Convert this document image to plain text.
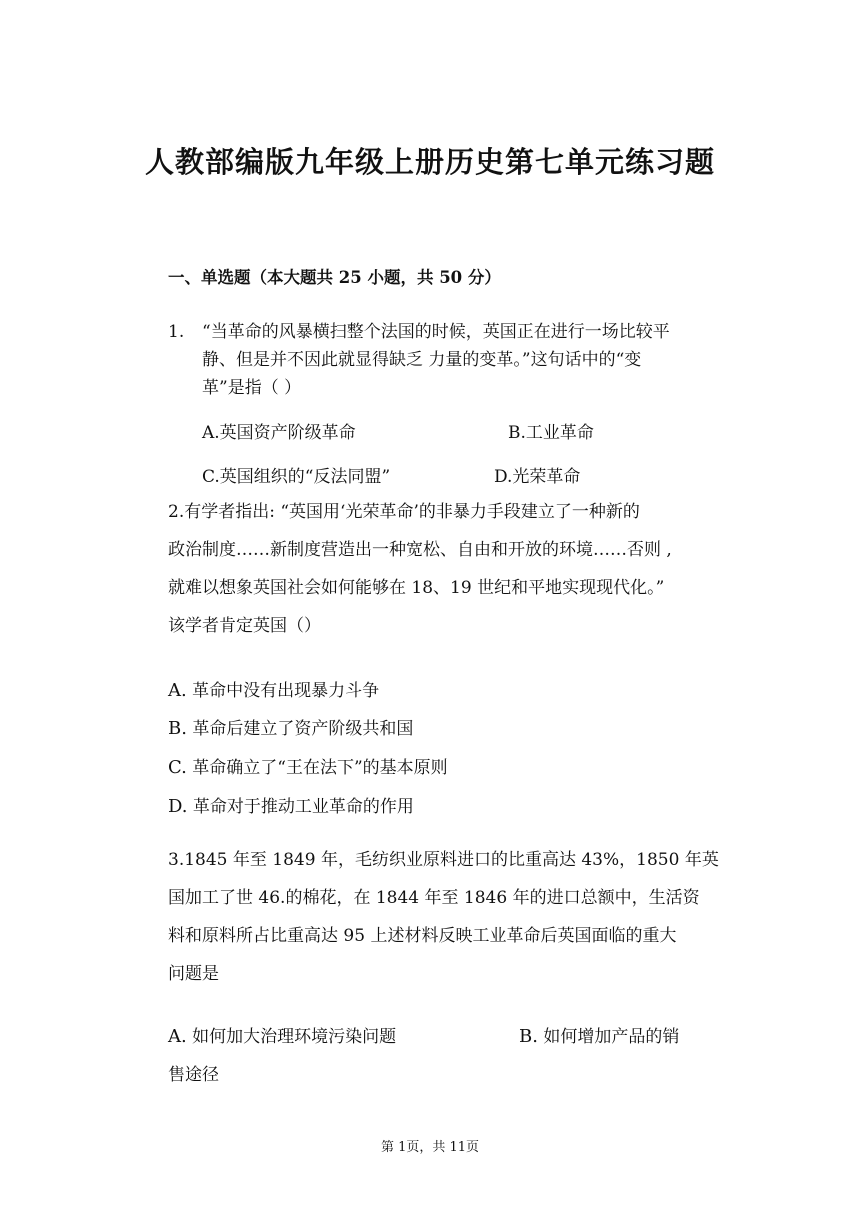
人教部编版九年级上册历史第七单元练习题
一、单选题（本大题共 25 小题，共 50 分）
1. “当革命的风暴横扫整个法国的时候，英国正在进行一场比较平
静、但是并不因此就显得缺乏 力量的变革。”这句话中的“变
革”是指（ ）
A.英国资产阶级革命	B.工业革命
C.英国组织的“反法同盟”	D.光荣革命
2.有学者指出: “英国用‘光荣革命’的非暴力手段建立了一种新的
政治制度……新制度营造出一种宽松、自由和开放的环境……否则 ,
就难以想象英国社会如何能够在 18、19 世纪和平地实现现代化。”
该学者肯定英国（）
A. 革命中没有出现暴力斗争
B. 革命后建立了资产阶级共和国
C. 革命确立了“王在法下”的基本原则
D. 革命对于推动工业革命的作用
3.1845 年至 1849 年，毛纺织业原料进口的比重高达 43%，1850 年英
国加工了世 46.的棉花，在 1844 年至 1846 年的进口总额中，生活资
料和原料所占比重高达 95 上述材料反映工业革命后英国面临的重大
问题是
A. 如何加大治理环境污染问题	B. 如何增加产品的销
售途径
第 1页，共 11页
